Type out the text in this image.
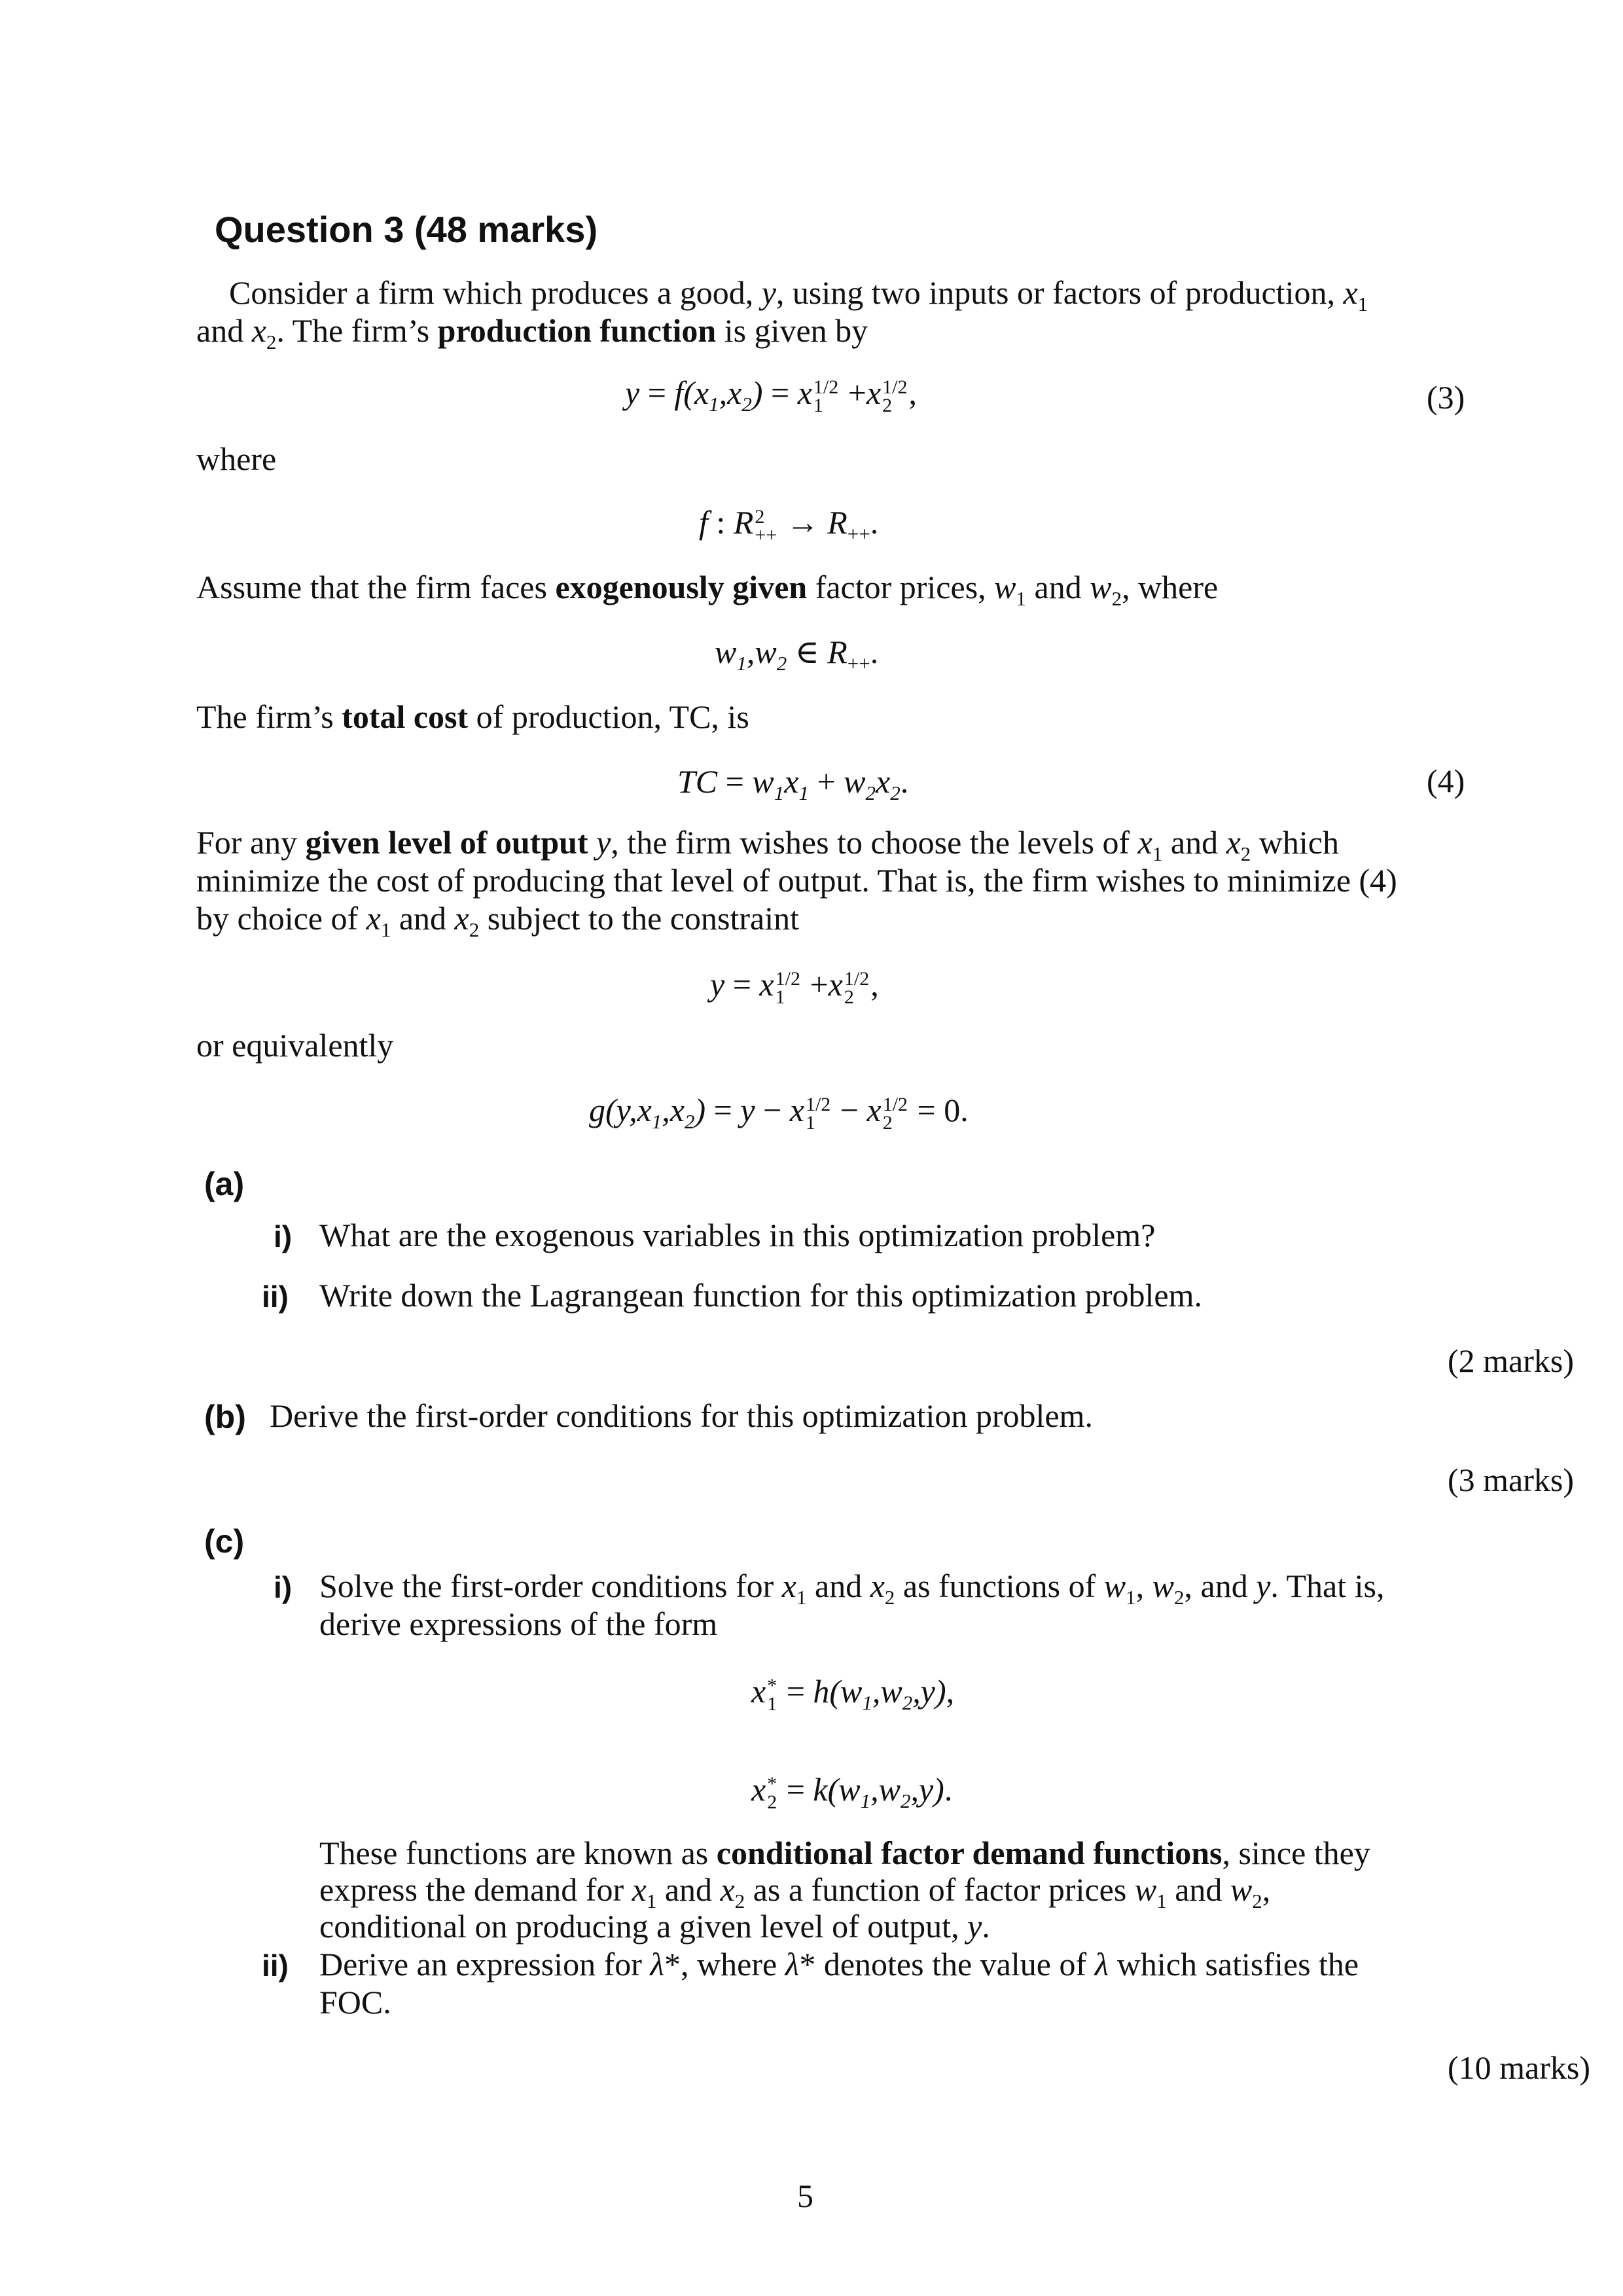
Question 3 (48 marks)
Consider a firm which produces a good, y, using two inputs or factors of production, $x_1$
and $x_2$. The firm’s production function is given by
$y = f(x_1,x_2) = x$ 1/2
1 +x 1/2
2 ,	(3)
where
f : R 2
++ → $R_{++}$.
Assume that the firm faces exogenously given factor prices, $w_1$ and $w_2$, where
$w_1,w_2$ ∈ $R_{++}$.
The firm’s total cost of production, TC, is
TC = $w_1x_1 + w_2x_2$.	(4)
For any given level of output y, the firm wishes to choose the levels of $x_1$ and $x_2$ which
minimize the cost of producing that level of output. That is, the firm wishes to minimize (4)
by choice of $x_1$ and $x_2$ subject to the constraint
y = x 1/2
1 +x 1/2
2 ,
or equivalently
$g(y,x_1,x_2) = y - x$ 1/2
1 − x 1/2
2 = 0.
(a)
i) What are the exogenous variables in this optimization problem?
ii) Write down the Lagrangean function for this optimization problem.
(2 marks)
(b) Derive the first-order conditions for this optimization problem.
(3 marks)
(c)
i) Solve the first-order conditions for $x_1$ and $x_2$ as functions of $w_1$, $w_2$, and y. That is,
derive expressions of the form
x *
$1 = h(w_1,w_2,y)$,
x *
$2 = k(w_1,w_2,y)$.
These functions are known as conditional factor demand functions, since they
express the demand for $x_1$ and $x_2$ as a function of factor prices $w_1$ and $w_2$,
conditional on producing a given level of output, y.
ii) Derive an expression for λ*, where λ* denotes the value of λ which satisfies the
FOC.
(10 marks)
5
